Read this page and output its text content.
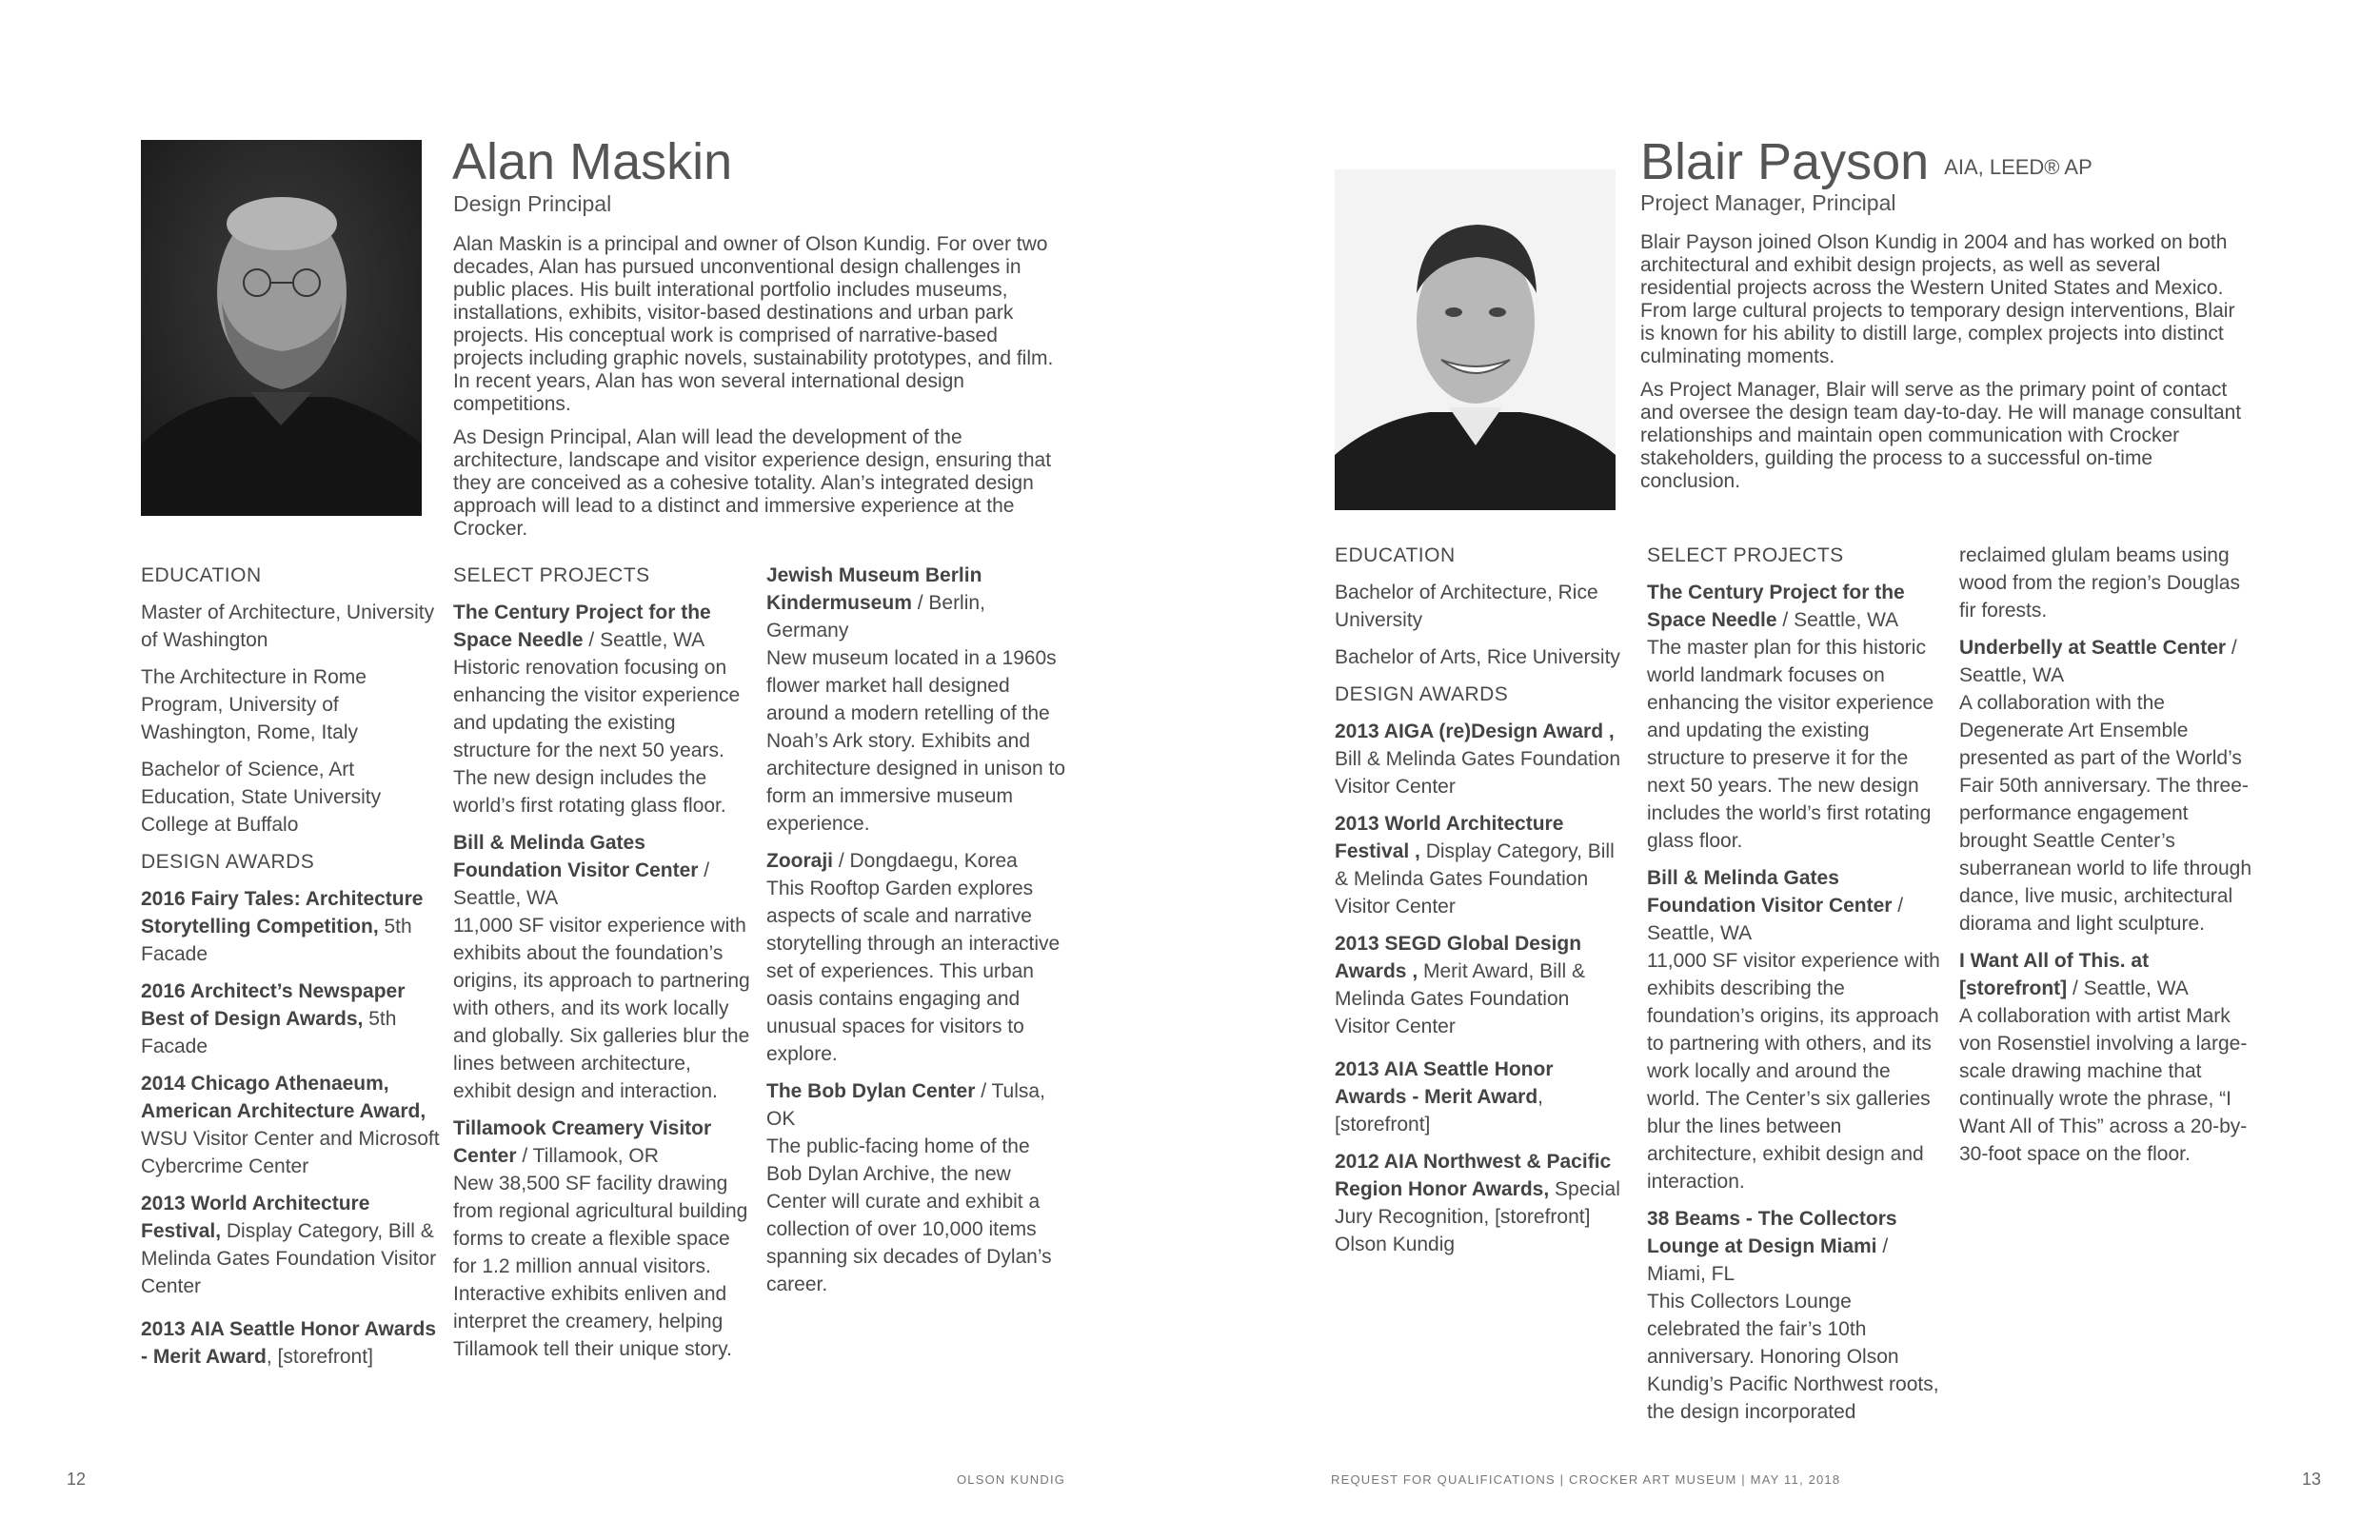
Alan Maskin
Design Principal

Alan Maskin is a principal and owner of Olson Kundig. For over two decades, Alan has pursued unconventional design challenges in public places. His built interational portfolio includes museums, installations, exhibits, visitor-based destinations and urban park projects. His conceptual work is comprised of narrative-based projects including graphic novels, sustainability prototypes, and film. In recent years, Alan has won several international design competitions.

As Design Principal, Alan will lead the development of the architecture, landscape and visitor experience design, ensuring that they are conceived as a cohesive totality. Alan’s integrated design approach will lead to a distinct and immersive experience at the Crocker.

EDUCATION
Master of Architecture, University of Washington
The Architecture in Rome Program, University of Washington, Rome, Italy
Bachelor of Science, Art Education, State University College at Buffalo
DESIGN AWARDS
2016 Fairy Tales: Architecture Storytelling Competition, 5th Facade
2016 Architect’s Newspaper Best of Design Awards, 5th Facade
2014 Chicago Athenaeum, American Architecture Award, WSU Visitor Center and Microsoft Cybercrime Center
2013 World Architecture Festival, Display Category, Bill & Melinda Gates Foundation Visitor Center
2013 AIA Seattle Honor Awards - Merit Award, [storefront]
SELECT PROJECTS
The Century Project for the Space Needle / Seattle, WA
Historic renovation focusing on enhancing the visitor experience and updating the existing structure for the next 50 years. The new design includes the world’s first rotating glass floor.
Bill & Melinda Gates Foundation Visitor Center / Seattle, WA
11,000 SF visitor experience with exhibits about the foundation’s origins, its approach to partnering with others, and its work locally and globally. Six galleries blur the lines between architecture, exhibit design and interaction.
Tillamook Creamery Visitor Center / Tillamook, OR
New 38,500 SF facility drawing from regional agricultural building forms to create a flexible space for 1.2 million annual visitors. Interactive exhibits enliven and interpret the creamery, helping Tillamook tell their unique story.
Jewish Museum Berlin Kindermuseum / Berlin, Germany
New museum located in a 1960s flower market hall designed around a modern retelling of the Noah’s Ark story. Exhibits and architecture designed in unison to form an immersive museum experience.
Zooraji / Dongdaegu, Korea
This Rooftop Garden explores aspects of scale and narrative storytelling through an interactive set of experiences. This urban oasis contains engaging and unusual spaces for visitors to explore.
The Bob Dylan Center / Tulsa, OK
The public-facing home of the Bob Dylan Archive, the new Center will curate and exhibit a collection of over 10,000 items spanning six decades of Dylan’s career.
Blair Payson AIA, LEED® AP
Project Manager, Principal

Blair Payson joined Olson Kundig in 2004 and has worked on both architectural and exhibit design projects, as well as several residential projects across the Western United States and Mexico. From large cultural projects to temporary design interventions, Blair is known for his ability to distill large, complex projects into distinct culminating moments.

As Project Manager, Blair will serve as the primary point of contact and oversee the design team day-to-day. He will manage consultant relationships and maintain open communication with Crocker stakeholders, guilding the process to a successful on-time conclusion.

EDUCATION
Bachelor of Architecture, Rice University
Bachelor of Arts, Rice University
DESIGN AWARDS
2013 AIGA (re)Design Award , Bill & Melinda Gates Foundation Visitor Center
2013 World Architecture Festival , Display Category, Bill & Melinda Gates Foundation Visitor Center
2013 SEGD Global Design Awards , Merit Award, Bill & Melinda Gates Foundation Visitor Center
2013 AIA Seattle Honor Awards - Merit Award, [storefront]
2012 AIA Northwest & Pacific Region Honor Awards, Special Jury Recognition, [storefront] Olson Kundig
SELECT PROJECTS
The Century Project for the Space Needle / Seattle, WA
The master plan for this historic world landmark focuses on enhancing the visitor experience and updating the existing structure to preserve it for the next 50 years. The new design includes the world’s first rotating glass floor.
Bill & Melinda Gates Foundation Visitor Center / Seattle, WA
11,000 SF visitor experience with exhibits describing the foundation’s origins, its approach to partnering with others, and its work locally and around the world. The Center’s six galleries blur the lines between architecture, exhibit design and interaction.
38 Beams - The Collectors Lounge at Design Miami / Miami, FL
This Collectors Lounge celebrated the fair’s 10th anniversary. Honoring Olson Kundig’s Pacific Northwest roots, the design incorporated
reclaimed glulam beams using wood from the region’s Douglas fir forests.
Underbelly at Seattle Center / Seattle, WA
A collaboration with the Degenerate Art Ensemble presented as part of the World’s Fair 50th anniversary. The three-performance engagement brought Seattle Center’s suberranean world to life through dance, live music, architectural diorama and light sculpture.
I Want All of This. at [storefront] / Seattle, WA
A collaboration with artist Mark von Rosenstiel involving a large-scale drawing machine that continually wrote the phrase, “I Want All of This” across a 20-by-30-foot space on the floor.
12	OLSON KUNDIG	REQUEST FOR QUALIFICATIONS | CROCKER ART MUSEUM | MAY 11, 2018	13
